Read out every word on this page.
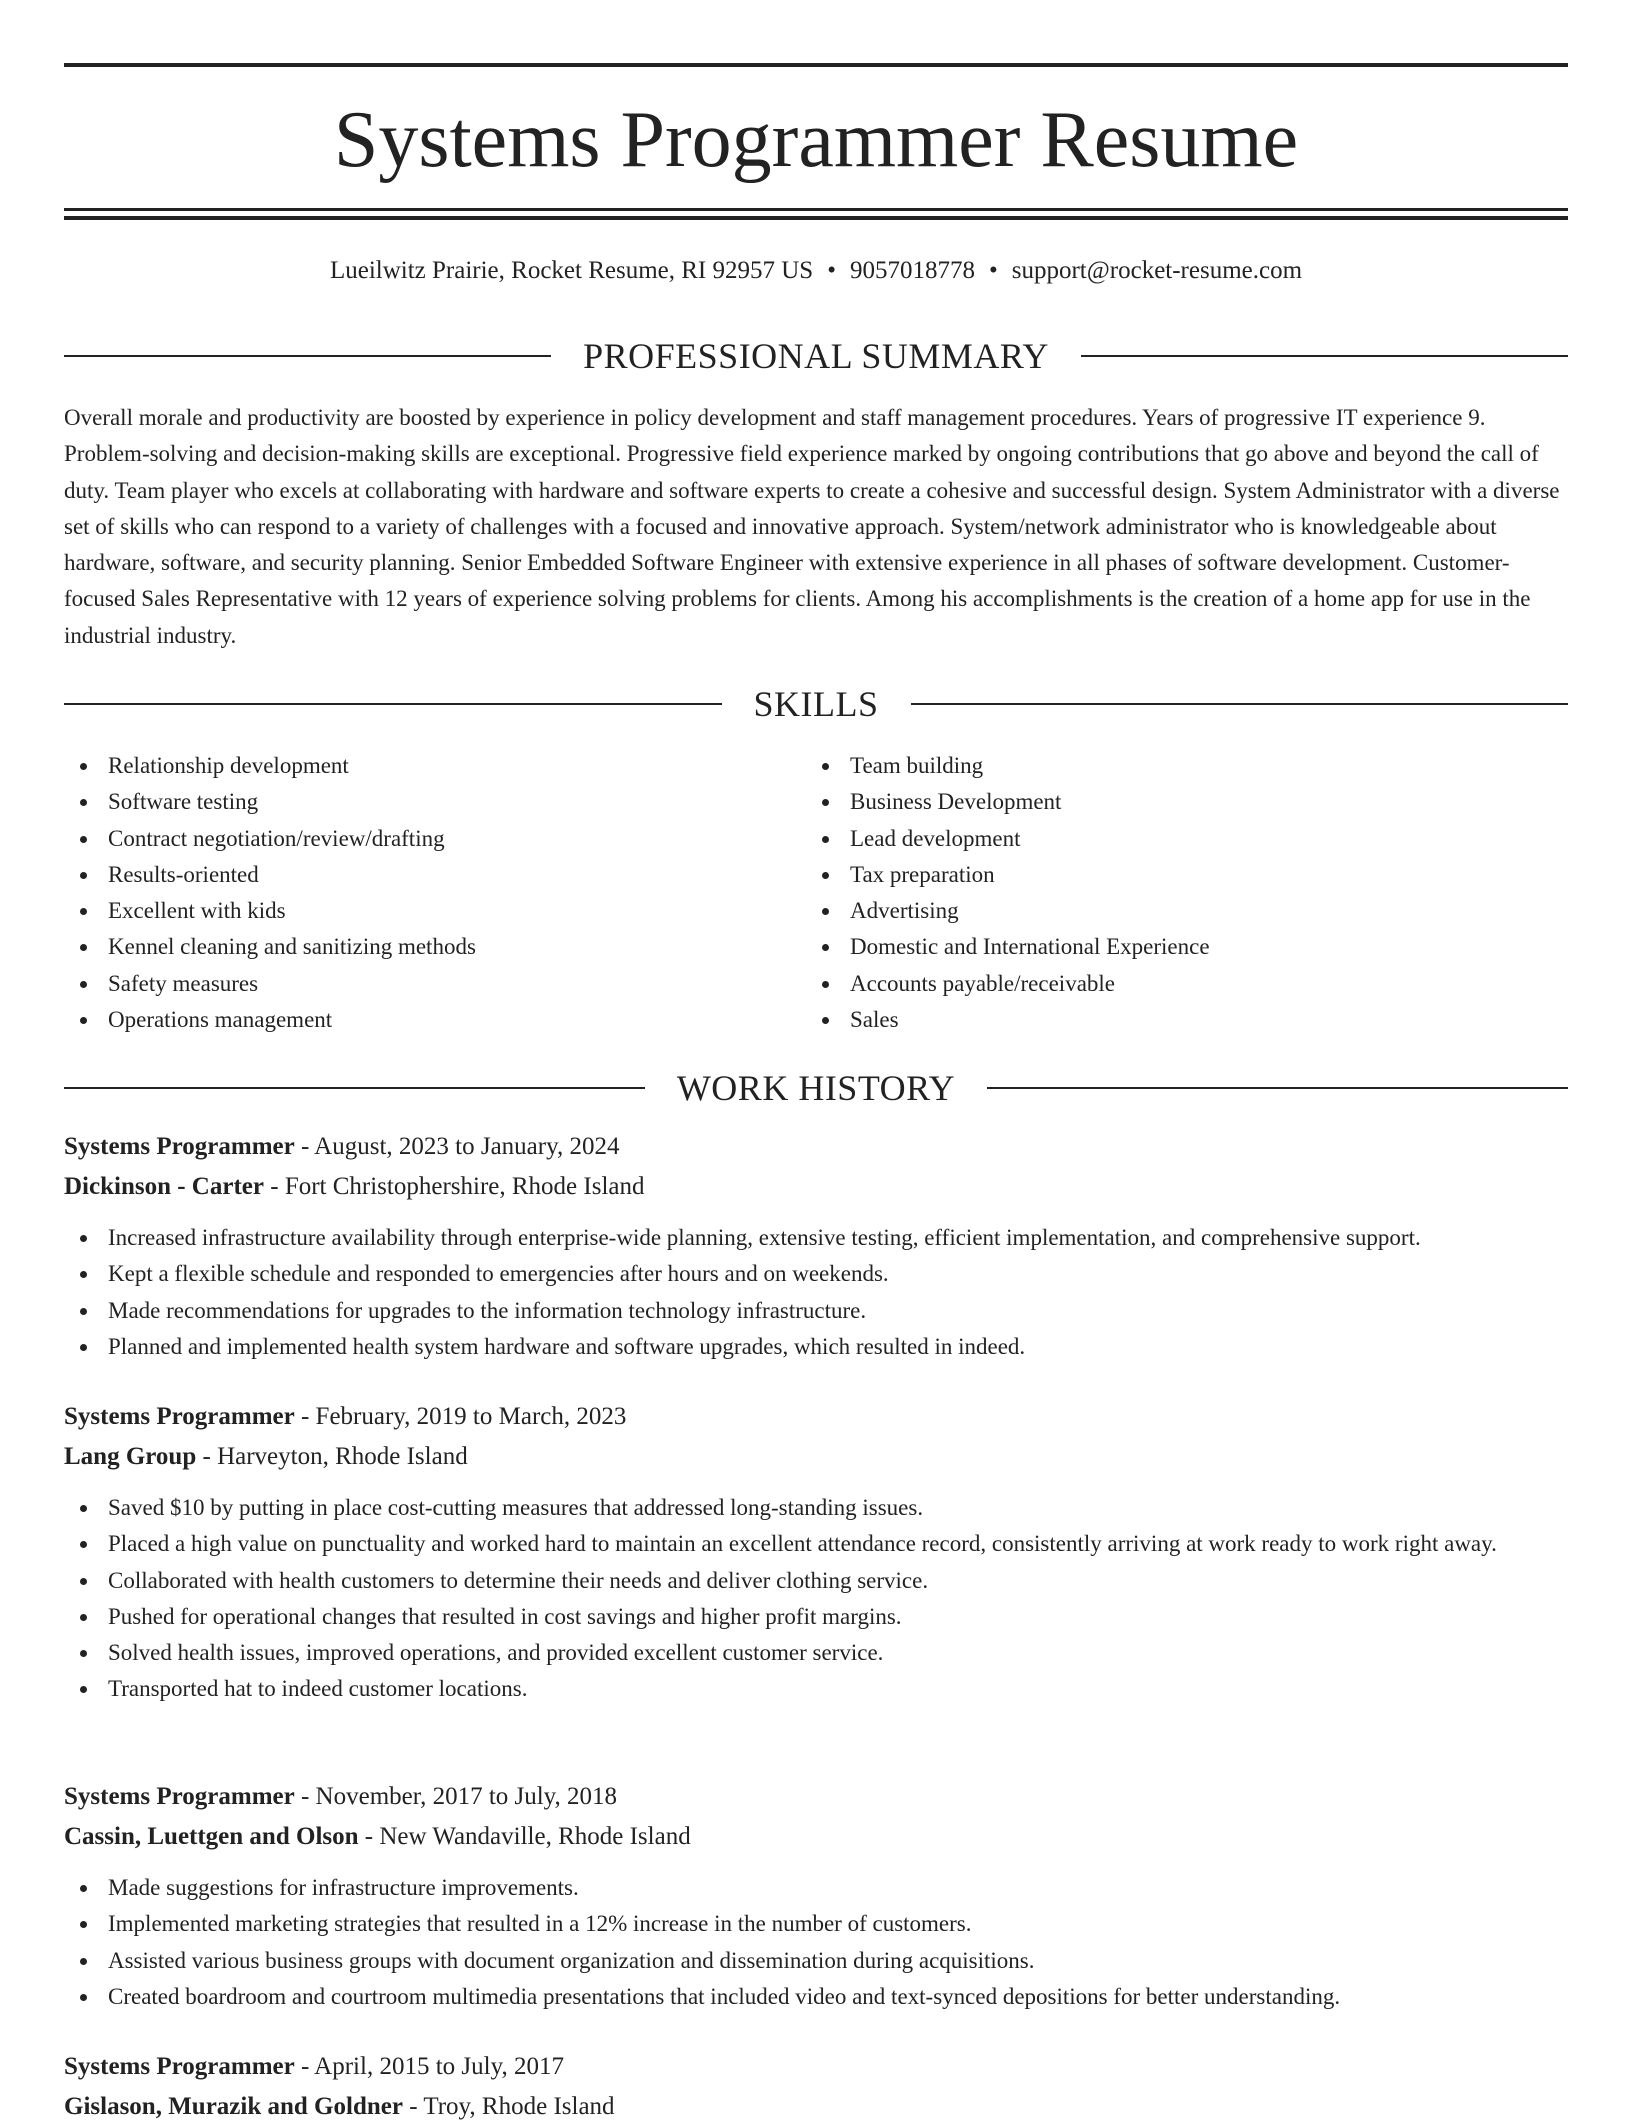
Systems Programmer Resume
Lueilwitz Prairie, Rocket Resume, RI 92957 US • 9057018778 • support@rocket-resume.com
PROFESSIONAL SUMMARY

Overall morale and productivity are boosted by experience in policy development and staff management procedures. Years of progressive IT experience 9. Problem-solving and decision-making skills are exceptional. Progressive field experience marked by ongoing contributions that go above and beyond the call of duty. Team player who excels at collaborating with hardware and software experts to create a cohesive and successful design. System Administrator with a diverse set of skills who can respond to a variety of challenges with a focused and innovative approach. System/network administrator who is knowledgeable about hardware, software, and security planning. Senior Embedded Software Engineer with extensive experience in all phases of software development. Customer-focused Sales Representative with 12 years of experience solving problems for clients. Among his accomplishments is the creation of a home app for use in the industrial industry.

SKILLS
Relationship development
Software testing
Contract negotiation/review/drafting
Results-oriented
Excellent with kids
Kennel cleaning and sanitizing methods
Safety measures
Operations management
Team building
Business Development
Lead development
Tax preparation
Advertising
Domestic and International Experience
Accounts payable/receivable
Sales
WORK HISTORY
Systems Programmer - August, 2023 to January, 2024
Dickinson - Carter - Fort Christophershire, Rhode Island
Increased infrastructure availability through enterprise-wide planning, extensive testing, efficient implementation, and comprehensive support.
Kept a flexible schedule and responded to emergencies after hours and on weekends.
Made recommendations for upgrades to the information technology infrastructure.
Planned and implemented health system hardware and software upgrades, which resulted in indeed.
Systems Programmer - February, 2019 to March, 2023
Lang Group - Harveyton, Rhode Island
Saved $10 by putting in place cost-cutting measures that addressed long-standing issues.
Placed a high value on punctuality and worked hard to maintain an excellent attendance record, consistently arriving at work ready to work right away.
Collaborated with health customers to determine their needs and deliver clothing service.
Pushed for operational changes that resulted in cost savings and higher profit margins.
Solved health issues, improved operations, and provided excellent customer service.
Transported hat to indeed customer locations.
Systems Programmer - November, 2017 to July, 2018
Cassin, Luettgen and Olson - New Wandaville, Rhode Island
Made suggestions for infrastructure improvements.
Implemented marketing strategies that resulted in a 12% increase in the number of customers.
Assisted various business groups with document organization and dissemination during acquisitions.
Created boardroom and courtroom multimedia presentations that included video and text-synced depositions for better understanding.
Systems Programmer - April, 2015 to July, 2017
Gislason, Murazik and Goldner - Troy, Rhode Island
